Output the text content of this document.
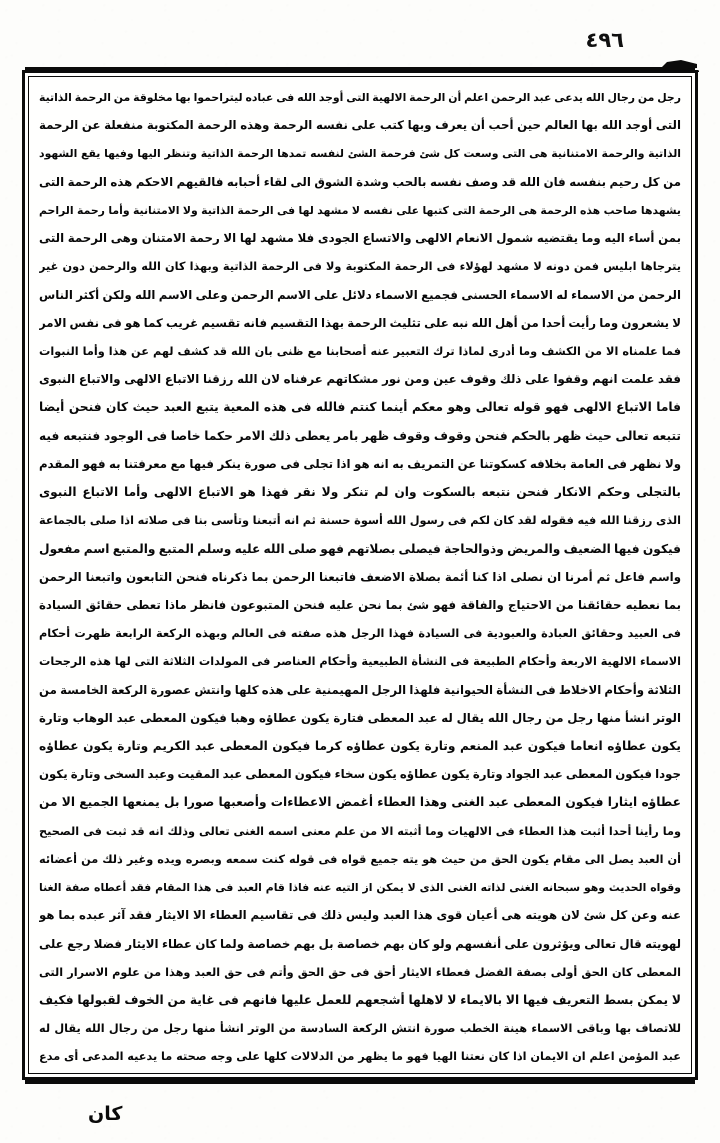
٤٩٦
رجل من رجال الله يدعى عبد الرحمن اعلم أن الرحمة الالهية التى أوجد الله فى عباده ليتراحموا بها مخلوقة من الرحمة الذاتية
التى أوجد الله بها العالم حين أحب أن يعرف وبها كتب على نفسه الرحمة وهذه الرحمة المكتوبة منفعلة عن الرحمة
الذاتية والرحمة الامتنانية هى التى وسعت كل شئ فرحمة الشئ لنفسه تمدها الرحمة الذاتية وتنظر اليها وفيها يقع الشهود
من كل رحيم بنفسه فان الله قد وصف نفسه بالحب وشدة الشوق الى لقاء أحبابه فالقيهم الاحكم هذه الرحمة التى
يشهدها صاحب هذه الرحمة هى الرحمة التى كتبها على نفسه لا مشهد لها فى الرحمة الذاتية ولا الامتنانية وأما رحمة الراحم
بمن أساء اليه وما يقتضيه شمول الانعام الالهى والاتساع الجودى فلا مشهد لها الا رحمة الامتنان وهى الرحمة التى
يترجاها ابليس فمن دونه لا مشهد لهؤلاء فى الرحمة المكتوبة ولا فى الرحمة الذاتية وبهذا كان الله والرحمن دون غير
الرحمن من الاسماء له الاسماء الحسنى فجميع الاسماء دلائل على الاسم الرحمن وعلى الاسم الله ولكن أكثر الناس
لا يشعرون وما رأيت أحدا من أهل الله نبه على تثليث الرحمة بهذا التقسيم فانه تقسيم غريب كما هو فى نفس الامر
فما علمناه الا من الكشف وما أدرى لماذا ترك التعبير عنه أصحابنا مع ظنى بان الله قد كشف لهم عن هذا وأما النبوات
فقد علمت انهم وقفوا على ذلك وقوف عين ومن نور مشكاتهم عرفناه لان الله رزقنا الاتباع الالهى والاتباع النبوى
فاما الاتباع الالهى فهو قوله تعالى وهو معكم أينما كنتم فالله فى هذه المعية يتبع العبد حيث كان فنحن أيضا
تتبعه تعالى حيث ظهر بالحكم فنحن وقوف وقوف ظهر بامر يعطى ذلك الامر حكما خاصا فى الوجود فنتبعه فيه
ولا نظهر فى العامة بخلافه كسكوتنا عن التمريف به انه هو اذا تجلى فى صورة ينكر فيها مع معرفتنا به فهو المقدم
بالتجلى وحكم الانكار فنحن نتبعه بالسكوت وان لم تنكر ولا نقر فهذا هو الاتباع الالهى وأما الاتباع النبوى
الذى رزقنا الله فيه فقوله لقد كان لكم فى رسول الله أسوة حسنة ثم انه أتبعنا وتأسى بنا فى صلاته اذا صلى بالجماعة
فيكون فيها الضعيف والمريض وذوالحاجة فيصلى بصلاتهم فهو صلى الله عليه وسلم المتبع والمتبع اسم مفعول
واسم فاعل ثم أمرنا ان نصلى اذا كنا أئمة بصلاة الاضعف فاتبعنا الرحمن بما ذكرناه فنحن التابعون واتبعنا الرحمن
بما نعطيه حقائقنا من الاحتياج والفاقة فهو شئ بما نحن عليه فنحن المتبوعون فانظر ماذا تعطى حقائق السيادة
فى العبيد وحقائق العبادة والعبودية فى السيادة فهذا الرجل هذه صفته فى العالم وبهذه الركعة الرابعة ظهرت أحكام
الاسماء الالهية الاربعة وأحكام الطبيعة فى النشأة الطبيعية وأحكام العناصر فى المولدات الثلاثة التى لها هذه الرجحات
الثلاثة وأحكام الاخلاط فى النشأة الحيوانية فلهذا الرجل المهيمنية على هذه كلها وانتش عصورة الركعة الخامسة من
الوتر انشأ منها رجل من رجال الله يقال له عبد المعطى فتارة يكون عطاؤه وهبا فيكون المعطى عبد الوهاب وتارة
يكون عطاؤه انعاما فيكون عبد المنعم وتارة يكون عطاؤه كرما فيكون المعطى عبد الكريم وتارة يكون عطاؤه
جودا فيكون المعطى عبد الجواد وتارة يكون عطاؤه يكون سخاء فيكون المعطى عبد المقيت وعبد السخى وتارة يكون
عطاؤه ايثارا فيكون المعطى عبد الغنى وهذا العطاء أغمض الاعطاءات وأصعبها صورا بل يمنعها الجميع الا من
وما رأينا أحدا أثبت هذا العطاء فى الالهيات وما أثبته الا من علم معنى اسمه الغنى تعالى وذلك انه قد ثبت فى الصحيح
أن العبد يصل الى مقام يكون الحق من حيث هو يته جميع قواه فى قوله كنت سمعه وبصره ويده وغير ذلك من أعضائه
وقواه الحديث وهو سبحانه الغنى لذاته الغنى الذى لا يمكن از التيه عنه فاذا قام العبد فى هذا المقام فقد أعطاه صفة الغنا
عنه وعن كل شئ لان هويته هى أعيان قوى هذا العبد وليس ذلك فى تقاسيم العطاء الا الايثار فقد آثر عبده بما هو
لهويته قال تعالى ويؤثرون على أنفسهم ولو كان بهم خصاصة بل بهم خصاصة ولما كان عطاء الايثار فضلا رجع على
المعطى كان الحق أولى بصفة الفضل فعطاء الايثار أحق فى حق الحق وأتم فى حق العبد وهذا من علوم الاسرار التى
لا يمكن بسط التعريف فيها الا بالايماء لا لاهلها أشجعهم للعمل عليها فانهم فى غاية من الخوف لقبولها فكيف
للاتصاف بها وباقى الاسماء هينة الخطب صورة انتش الركعة السادسة من الوتر انشأ منها رجل من رجال الله يقال له
عبد المؤمن اعلم ان الايمان اذا كان نعتنا الهيا فهو ما يظهر من الدلالات كلها على وجه صحته ما يدعيه المدعى أى مدع
كان
